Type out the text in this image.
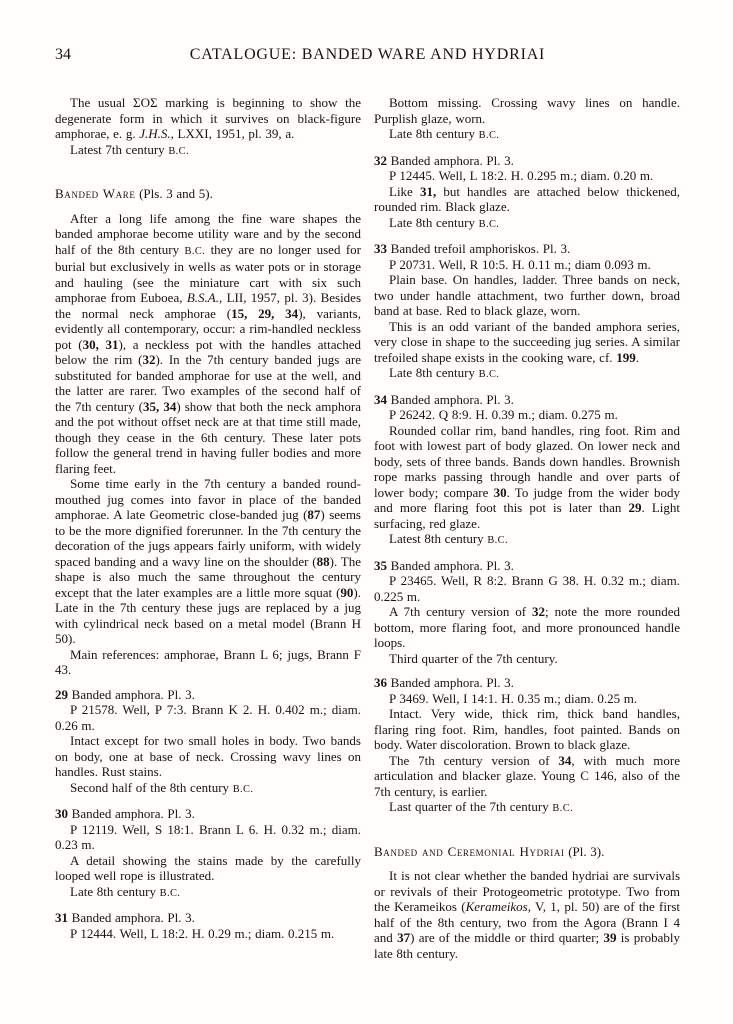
34	CATALOGUE: BANDED WARE AND HYDRIAI

The usual ΣΟΣ marking is beginning to show the degenerate form in which it survives on black-figure amphorae, e. g. J.H.S., LXXI, 1951, pl. 39, a.

Latest 7th century B.C.

Banded Ware (Pls. 3 and 5).

After a long life among the fine ware shapes the banded amphorae become utility ware and by the second half of the 8th century B.C. they are no longer used for burial but exclusively in wells as water pots or in storage and hauling (see the miniature cart with six such amphorae from Euboea, B.S.A., LII, 1957, pl. 3). Besides the normal neck amphorae (15, 29, 34), variants, evidently all contemporary, occur: a rim-handled neckless pot (30, 31), a neckless pot with the handles attached below the rim (32). In the 7th century banded jugs are substituted for banded amphorae for use at the well, and the latter are rarer. Two examples of the second half of the 7th century (35, 34) show that both the neck amphora and the pot without offset neck are at that time still made, though they cease in the 6th century. These later pots follow the general trend in having fuller bodies and more flaring feet.

Some time early in the 7th century a banded round-mouthed jug comes into favor in place of the banded amphorae. A late Geometric close-banded jug (87) seems to be the more dignified forerunner. In the 7th century the decoration of the jugs appears fairly uniform, with widely spaced banding and a wavy line on the shoulder (88). The shape is also much the same throughout the century except that the later examples are a little more squat (90). Late in the 7th century these jugs are replaced by a jug with cylindrical neck based on a metal model (Brann H 50).

Main references: amphorae, Brann L 6; jugs, Brann F 43.

29 Banded amphora. Pl. 3.

P 21578. Well, P 7:3. Brann K 2. H. 0.402 m.; diam. 0.26 m.

Intact except for two small holes in body. Two bands on body, one at base of neck. Crossing wavy lines on handles. Rust stains.

Second half of the 8th century B.C.

30 Banded amphora. Pl. 3.

P 12119. Well, S 18:1. Brann L 6. H. 0.32 m.; diam. 0.23 m.

A detail showing the stains made by the carefully looped well rope is illustrated.

Late 8th century B.C.

31 Banded amphora. Pl. 3.

P 12444. Well, L 18:2. H. 0.29 m.; diam. 0.215 m.

Bottom missing. Crossing wavy lines on handle. Purplish glaze, worn.

Late 8th century B.C.

32 Banded amphora. Pl. 3.

P 12445. Well, L 18:2. H. 0.295 m.; diam. 0.20 m.

Like 31, but handles are attached below thickened, rounded rim. Black glaze.

Late 8th century B.C.

33 Banded trefoil amphoriskos. Pl. 3.

P 20731. Well, R 10:5. H. 0.11 m.; diam 0.093 m.

Plain base. On handles, ladder. Three bands on neck, two under handle attachment, two further down, broad band at base. Red to black glaze, worn.

This is an odd variant of the banded amphora series, very close in shape to the succeeding jug series. A similar trefoiled shape exists in the cooking ware, cf. 199.

Late 8th century B.C.

34 Banded amphora. Pl. 3.

P 26242. Q 8:9. H. 0.39 m.; diam. 0.275 m.

Rounded collar rim, band handles, ring foot. Rim and foot with lowest part of body glazed. On lower neck and body, sets of three bands. Bands down handles. Brownish rope marks passing through handle and over parts of lower body; compare 30. To judge from the wider body and more flaring foot this pot is later than 29. Light surfacing, red glaze.

Latest 8th century B.C.

35 Banded amphora. Pl. 3.

P 23465. Well, R 8:2. Brann G 38. H. 0.32 m.; diam. 0.225 m.

A 7th century version of 32; note the more rounded bottom, more flaring foot, and more pronounced handle loops.

Third quarter of the 7th century.

36 Banded amphora. Pl. 3.

P 3469. Well, I 14:1. H. 0.35 m.; diam. 0.25 m.

Intact. Very wide, thick rim, thick band handles, flaring ring foot. Rim, handles, foot painted. Bands on body. Water discoloration. Brown to black glaze.

The 7th century version of 34, with much more articulation and blacker glaze. Young C 146, also of the 7th century, is earlier.

Last quarter of the 7th century B.C.

Banded and Ceremonial Hydriai (Pl. 3).

It is not clear whether the banded hydriai are survivals or revivals of their Protogeometric prototype. Two from the Kerameikos (Kerameikos, V, 1, pl. 50) are of the first half of the 8th century, two from the Agora (Brann I 4 and 37) are of the middle or third quarter; 39 is probably late 8th century.
